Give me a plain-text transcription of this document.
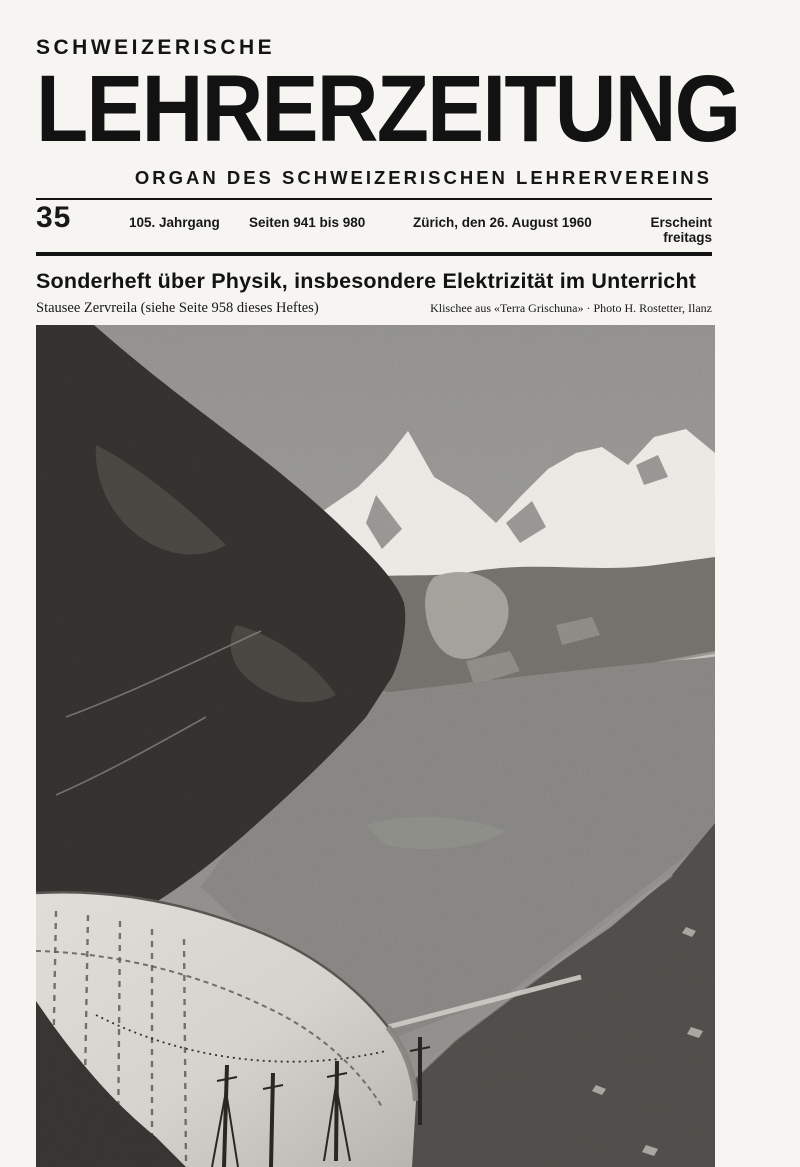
SCHWEIZERISCHE
LEHRERZEITUNG
ORGAN DES SCHWEIZERISCHEN LEHRERVEREINS
35	105. Jahrgang	Seiten 941 bis 980	Zürich, den 26. August 1960	Erscheint freitags
Sonderheft über Physik, insbesondere Elektrizität im Unterricht
Stausee Zervreila (siehe Seite 958 dieses Heftes)	Klischee aus «Terra Grischuna» · Photo H. Rostetter, Ilanz
